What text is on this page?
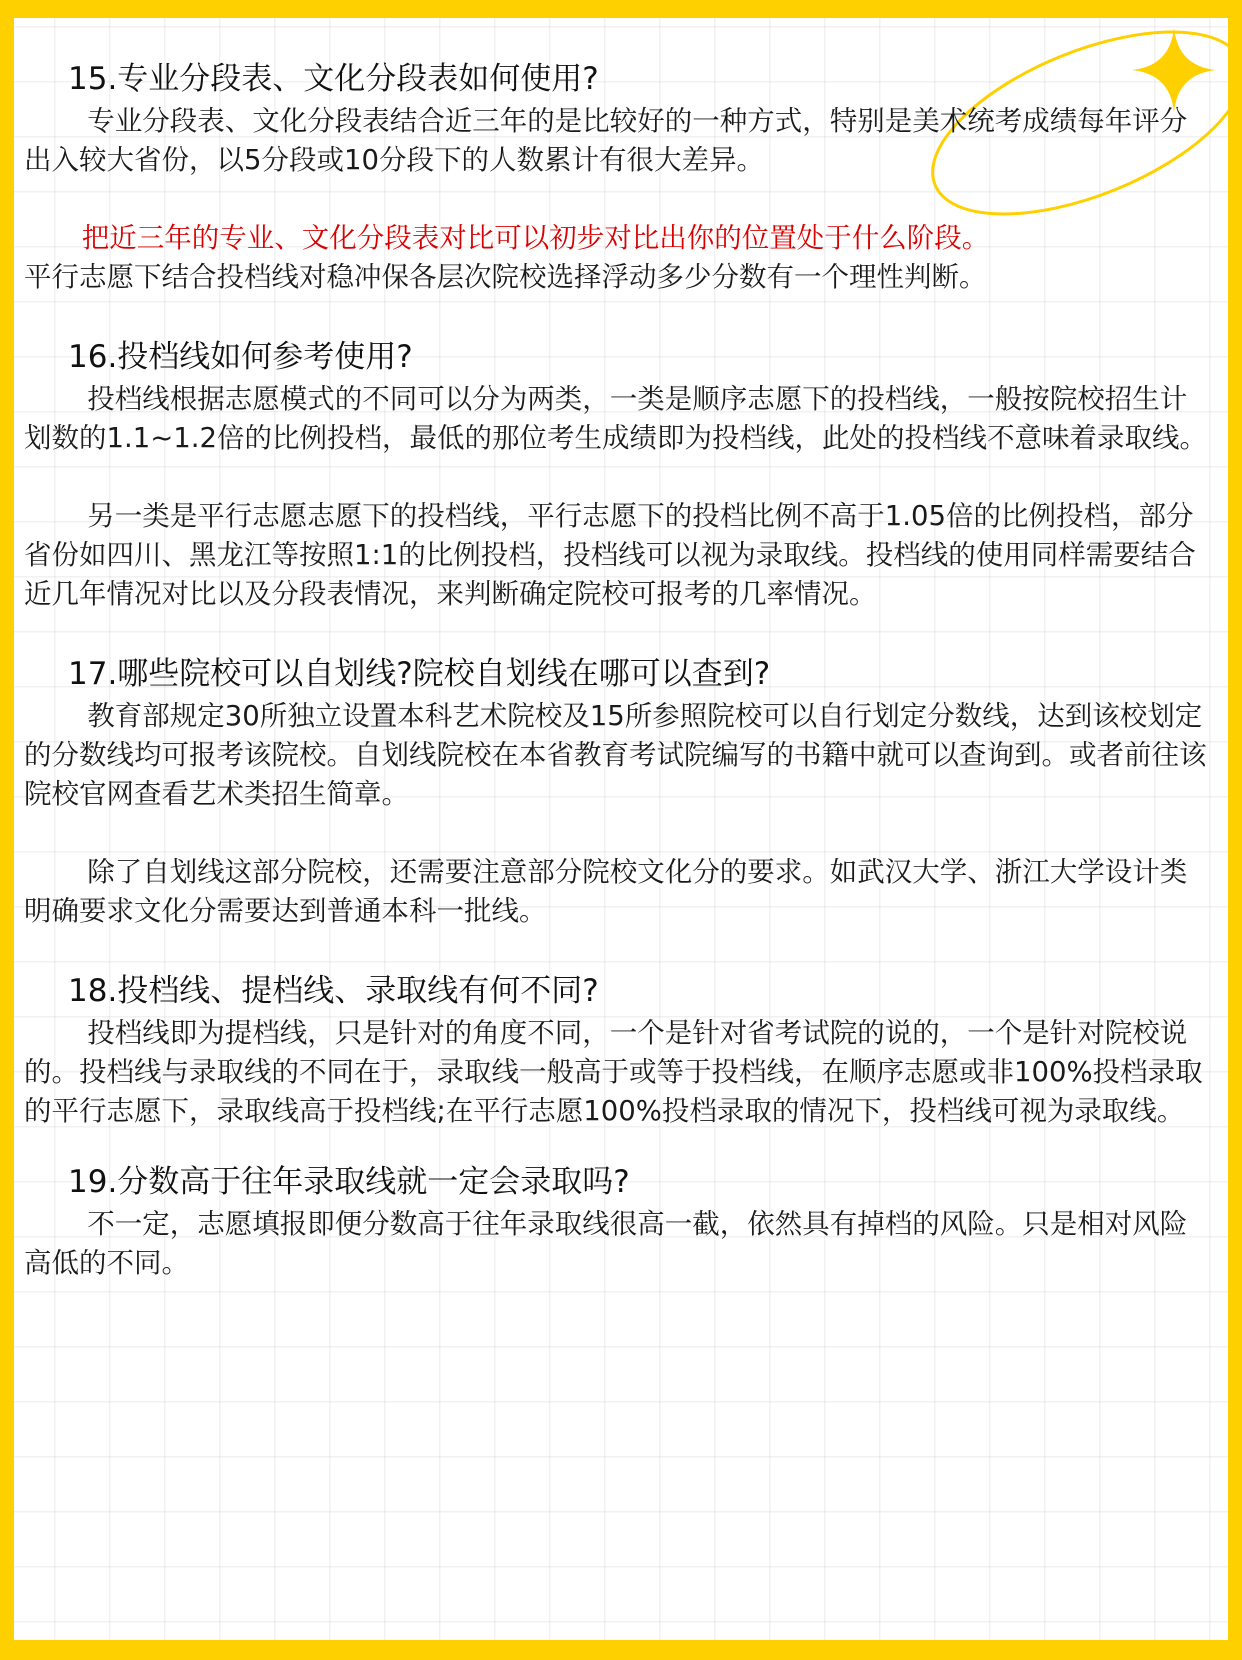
15.专业分段表、文化分段表如何使用?

专业分段表、文化分段表结合近三年的是比较好的一种方式，特别是美术统考成绩每年评分出入较大省份，以5分段或10分段下的人数累计有很大差异。

把近三年的专业、文化分段表对比可以初步对比出你的位置处于什么阶段。

平行志愿下结合投档线对稳冲保各层次院校选择浮动多少分数有一个理性判断。

16.投档线如何参考使用?

投档线根据志愿模式的不同可以分为两类，一类是顺序志愿下的投档线，一般按院校招生计划数的1.1~1.2倍的比例投档，最低的那位考生成绩即为投档线，此处的投档线不意味着录取线。

另一类是平行志愿志愿下的投档线，平行志愿下的投档比例不高于1.05倍的比例投档，部分省份如四川、黑龙江等按照1:1的比例投档，投档线可以视为录取线。投档线的使用同样需要结合近几年情况对比以及分段表情况，来判断确定院校可报考的几率情况。

17.哪些院校可以自划线?院校自划线在哪可以查到?

教育部规定30所独立设置本科艺术院校及15所参照院校可以自行划定分数线，达到该校划定的分数线均可报考该院校。自划线院校在本省教育考试院编写的书籍中就可以查询到。或者前往该院校官网查看艺术类招生简章。

除了自划线这部分院校，还需要注意部分院校文化分的要求。如武汉大学、浙江大学设计类明确要求文化分需要达到普通本科一批线。

18.投档线、提档线、录取线有何不同?

投档线即为提档线，只是针对的角度不同，一个是针对省考试院的说的，一个是针对院校说的。投档线与录取线的不同在于，录取线一般高于或等于投档线，在顺序志愿或非100%投档录取的平行志愿下，录取线高于投档线;在平行志愿100%投档录取的情况下，投档线可视为录取线。

19.分数高于往年录取线就一定会录取吗?

不一定，志愿填报即便分数高于往年录取线很高一截，依然具有掉档的风险。只是相对风险高低的不同。
